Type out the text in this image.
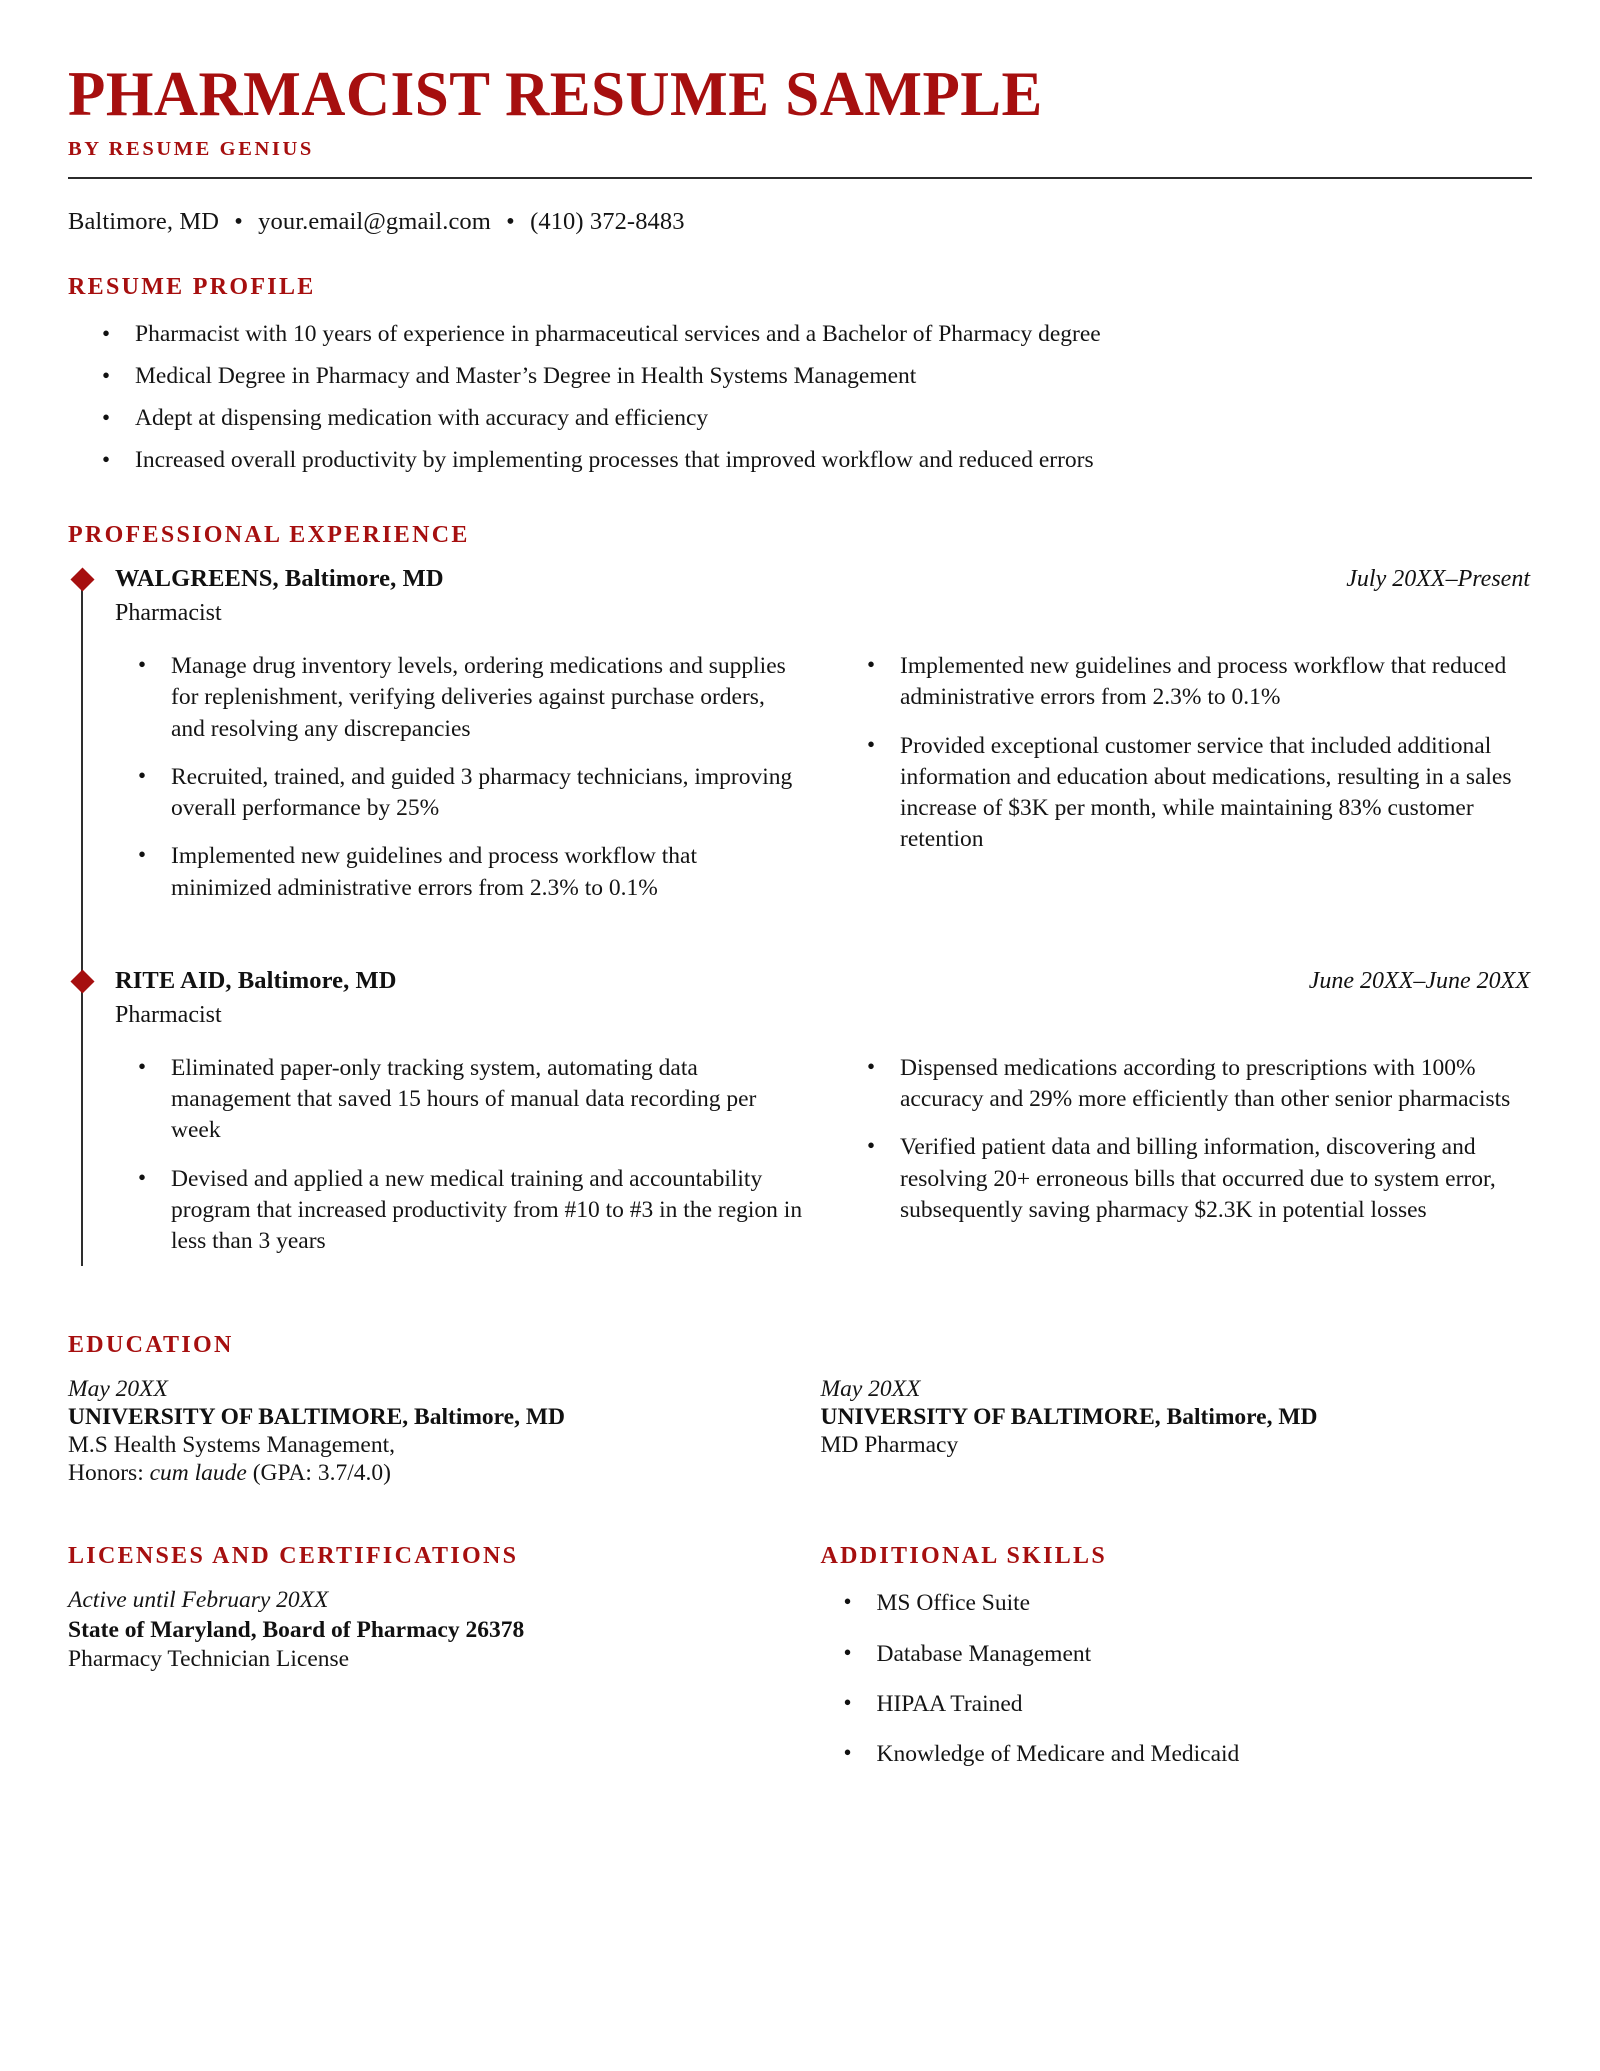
PHARMACIST RESUME SAMPLE
BY RESUME GENIUS
Baltimore, MD • your.email@gmail.com • (410) 372-8483
RESUME PROFILE
• Pharmacist with 10 years of experience in pharmaceutical services and a Bachelor of Pharmacy degree
• Medical Degree in Pharmacy and Master’s Degree in Health Systems Management
• Adept at dispensing medication with accuracy and efficiency
• Increased overall productivity by implementing processes that improved workflow and reduced errors
PROFESSIONAL EXPERIENCE
WALGREENS, Baltimore, MD	July 20XX–Present
Pharmacist
• Manage drug inventory levels, ordering medications and supplies for replenishment, verifying deliveries against purchase orders, and resolving any discrepancies
• Recruited, trained, and guided 3 pharmacy technicians, improving overall performance by 25%
• Implemented new guidelines and process workflow that minimized administrative errors from 2.3% to 0.1%
• Implemented new guidelines and process workflow that reduced administrative errors from 2.3% to 0.1%
• Provided exceptional customer service that included additional information and education about medications, resulting in a sales increase of $3K per month, while maintaining 83% customer retention
RITE AID, Baltimore, MD	June 20XX–June 20XX
Pharmacist
• Eliminated paper-only tracking system, automating data management that saved 15 hours of manual data recording per week
• Devised and applied a new medical training and accountability program that increased productivity from #10 to #3 in the region in less than 3 years
• Dispensed medications according to prescriptions with 100% accuracy and 29% more efficiently than other senior pharmacists
• Verified patient data and billing information, discovering and resolving 20+ erroneous bills that occurred due to system error, subsequently saving pharmacy $2.3K in potential losses
EDUCATION
May 20XX
UNIVERSITY OF BALTIMORE, Baltimore, MD
M.S Health Systems Management,
Honors: cum laude (GPA: 3.7/4.0)
May 20XX
UNIVERSITY OF BALTIMORE, Baltimore, MD
MD Pharmacy
LICENSES AND CERTIFICATIONS
Active until February 20XX
State of Maryland, Board of Pharmacy 26378
Pharmacy Technician License
ADDITIONAL SKILLS
• MS Office Suite
• Database Management
• HIPAA Trained
• Knowledge of Medicare and Medicaid
